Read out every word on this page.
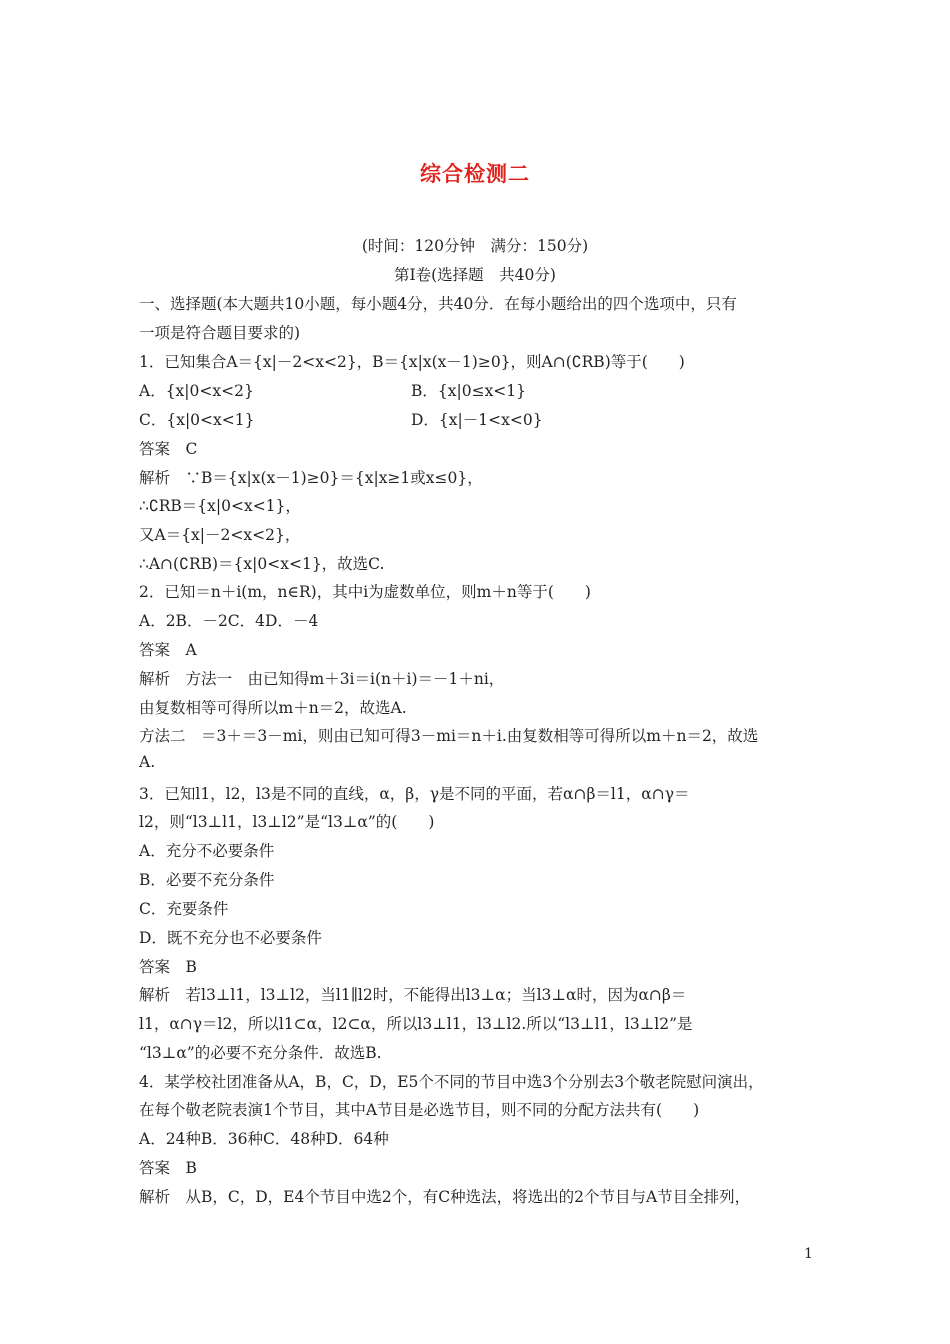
综合检测二
(时间：120分钟　满分：150分)
第Ⅰ卷(选择题　共40分)
一、选择题(本大题共10小题，每小题4分，共40分．在每小题给出的四个选项中，只有
一项是符合题目要求的)
1．已知集合A＝{x|－2<x<2}，B＝{x|x(x－1)≥0}，则A∩(∁RB)等于(　　)
A．{x|0<x<2}	B．{x|0≤x<1}
C．{x|0<x<1}	D．{x|－1<x<0}
答案　C
解析　∵B＝{x|x(x－1)≥0}＝{x|x≥1或x≤0}，
∴∁RB＝{x|0<x<1}，
又A＝{x|－2<x<2}，
∴A∩(∁RB)＝{x|0<x<1}，故选C.
2．已知＝n＋i(m，n∈R)，其中i为虚数单位，则m＋n等于(　　)
A．2B．－2C．4D．－4
答案　A
解析　方法一　由已知得m＋3i＝i(n＋i)＝－1＋ni，
由复数相等可得所以m＋n＝2，故选A.
方法二　＝3＋＝3－mi，则由已知可得3－mi＝n＋i.由复数相等可得所以m＋n＝2，故选
A.
3．已知l1，l2，l3是不同的直线，α，β，γ是不同的平面，若α∩β＝l1，α∩γ＝
l2，则“l3⊥l1，l3⊥l2”是“l3⊥α”的(　　)
A．充分不必要条件
B．必要不充分条件
C．充要条件
D．既不充分也不必要条件
答案　B
解析　若l3⊥l1，l3⊥l2，当l1∥l2时，不能得出l3⊥α；当l3⊥α时，因为α∩β＝
l1，α∩γ＝l2，所以l1⊂α，l2⊂α，所以l3⊥l1，l3⊥l2.所以“l3⊥l1，l3⊥l2”是
“l3⊥α”的必要不充分条件．故选B.
4．某学校社团准备从A，B，C，D，E5个不同的节目中选3个分别去3个敬老院慰问演出，
在每个敬老院表演1个节目，其中A节目是必选节目，则不同的分配方法共有(　　)
A．24种B．36种C．48种D．64种
答案　B
解析　从B，C，D，E4个节目中选2个，有C种选法，将选出的2个节目与A节目全排列，
1
